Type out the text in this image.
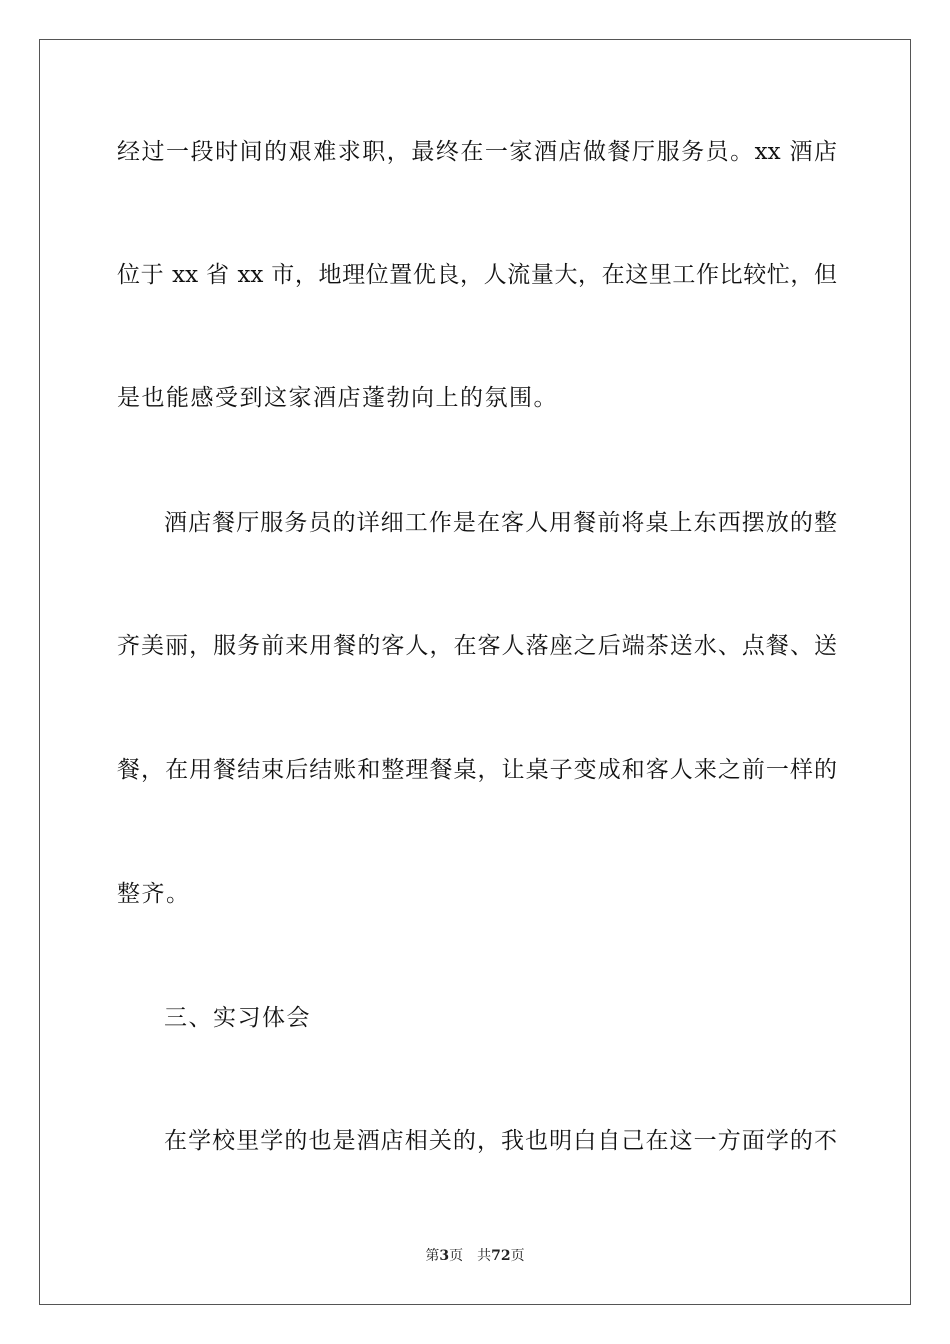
经过一段时间的艰难求职，最终在一家酒店做餐厅服务员。xx 酒店
位于 xx 省 xx 市，地理位置优良，人流量大，在这里工作比较忙，但
是也能感受到这家酒店蓬勃向上的氛围。
酒店餐厅服务员的详细工作是在客人用餐前将桌上东西摆放的整
齐美丽，服务前来用餐的客人，在客人落座之后端茶送水、点餐、送
餐，在用餐结束后结账和整理餐桌，让桌子变成和客人来之前一样的
整齐。
三、实习体会
在学校里学的也是酒店相关的，我也明白自己在这一方面学的不
第3页 共72页
